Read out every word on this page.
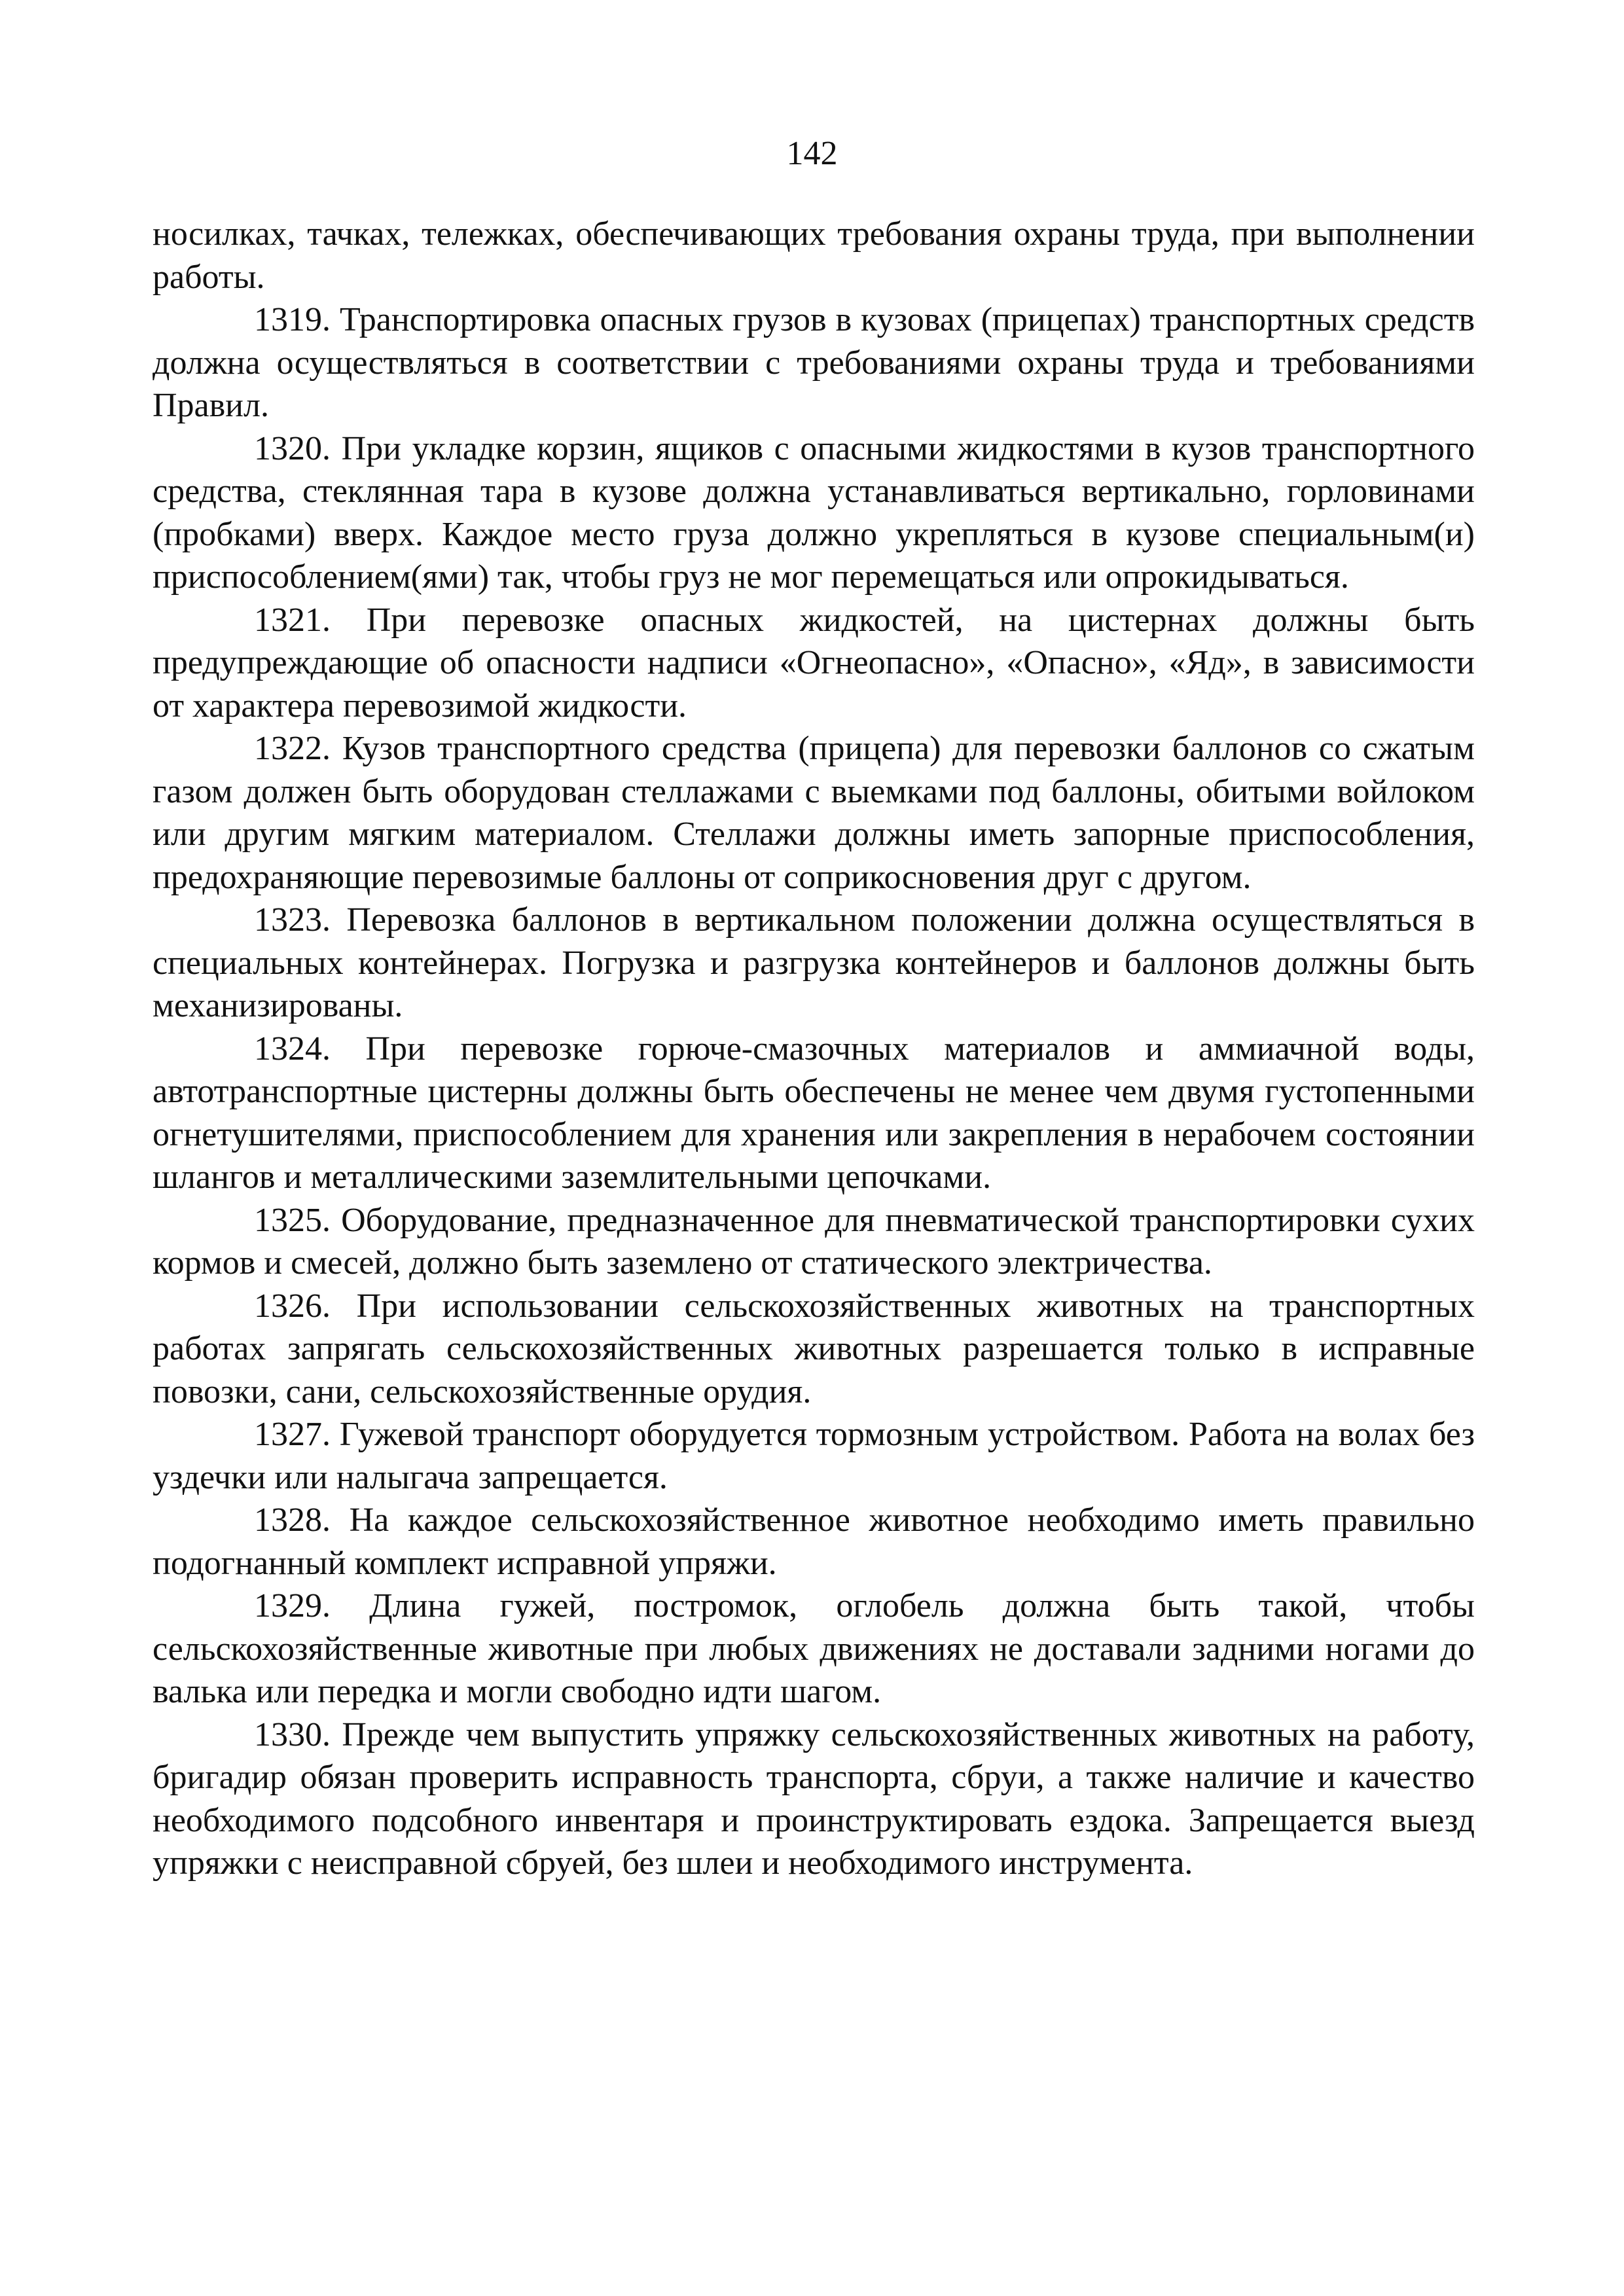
142

носилках, тачках, тележках, обеспечивающих требования охраны труда, при выполнении работы.

1319. Транспортировка опасных грузов в кузовах (прицепах) транспортных средств должна осуществляться в соответствии с требованиями охраны труда и требованиями Правил.

1320. При укладке корзин, ящиков с опасными жидкостями в кузов транспортного средства, стеклянная тара в кузове должна устанавливаться вертикально, горловинами (пробками) вверх. Каждое место груза должно укрепляться в кузове специальным(и) приспособлением(ями) так, чтобы груз не мог перемещаться или опрокидываться.

1321. При перевозке опасных жидкостей, на цистернах должны быть предупреждающие об опасности надписи «Огнеопасно», «Опасно», «Яд», в зависимости от характера перевозимой жидкости.

1322. Кузов транспортного средства (прицепа) для перевозки баллонов со сжатым газом должен быть оборудован стеллажами с выемками под баллоны, обитыми войлоком или другим мягким материалом. Стеллажи должны иметь запорные приспособления, предохраняющие перевозимые баллоны от соприкосновения друг с другом.

1323. Перевозка баллонов в вертикальном положении должна осуществляться в специальных контейнерах. Погрузка и разгрузка контейнеров и баллонов должны быть механизированы.

1324. При перевозке горюче-смазочных материалов и аммиачной воды, автотранспортные цистерны должны быть обеспечены не менее чем двумя густопенными огнетушителями, приспособлением для хранения или закрепления в нерабочем состоянии шлангов и металлическими заземлительными цепочками.

1325. Оборудование, предназначенное для пневматической транспортировки сухих кормов и смесей, должно быть заземлено от статического электричества.

1326. При использовании сельскохозяйственных животных на транспортных работах запрягать сельскохозяйственных животных разрешается только в исправные повозки, сани, сельскохозяйственные орудия.

1327. Гужевой транспорт оборудуется тормозным устройством. Работа на волах без уздечки или налыгача запрещается.

1328. На каждое сельскохозяйственное животное необходимо иметь правильно подогнанный комплект исправной упряжи.

1329. Длина гужей, постромок, оглобель должна быть такой, чтобы сельскохозяйственные животные при любых движениях не доставали задними ногами до валька или передка и могли свободно идти шагом.

1330. Прежде чем выпустить упряжку сельскохозяйственных животных на работу, бригадир обязан проверить исправность транспорта, сбруи, а также наличие и качество необходимого подсобного инвентаря и проинструктировать ездока. Запрещается выезд упряжки с неисправной сбруей, без шлеи и необходимого инструмента.
